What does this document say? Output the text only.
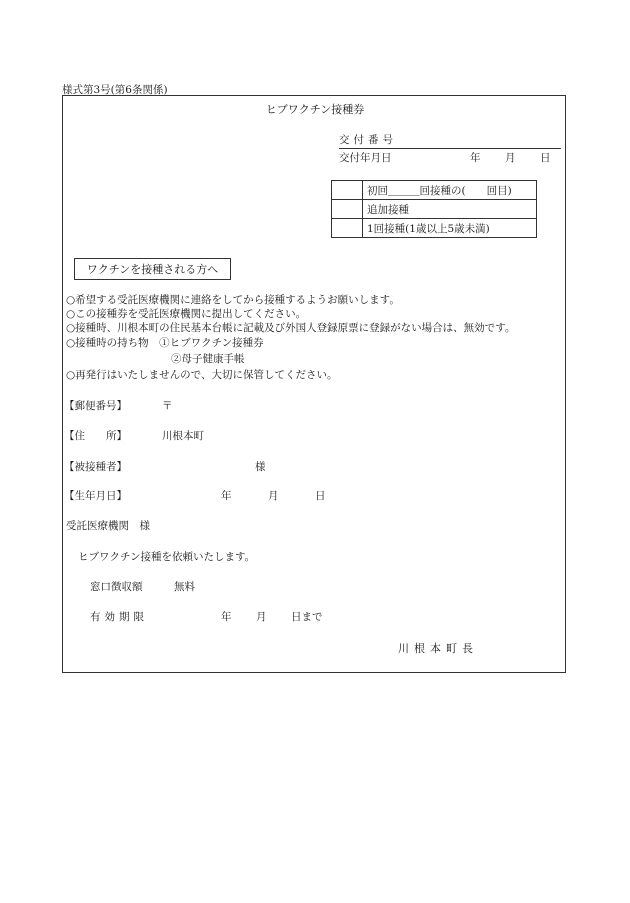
様式第3号(第6条関係)
ヒブワクチン接種券
交付番号
交付年月日	年 月 日
	初回＿＿＿回接種の(　　回目)
	追加接種
	1回接種(1歳以上5歳未満)
ワクチンを接種される方へ
○希望する受託医療機関に連絡をしてから接種するようお願いします。
○この接種券を受託医療機関に提出してください。
○接種時、川根本町の住民基本台帳に記載及び外国人登録原票に登録がない場合は、無効です。
○接種時の持ち物　①ヒブワクチン接種券
②母子健康手帳
○再発行はいたしませんので、大切に保管してください。
【郵便番号】	〒
【住　　所】	川根本町
【被接種者】	様
【生年月日】	年	月	日
受託医療機関　様
ヒブワクチン接種を依頼いたします。
窓口徴収額	無料
有効期限	年 月 日まで
川根本町長
